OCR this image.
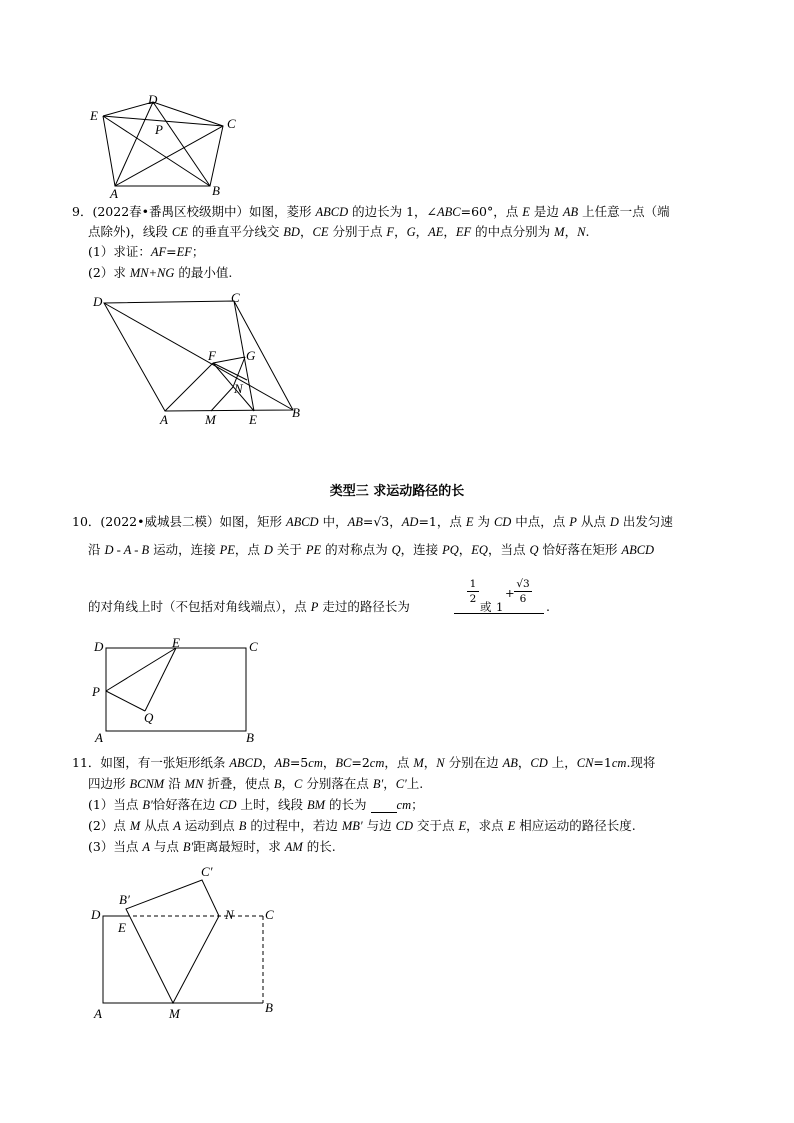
D
E
P	C
A	B
9．(2022春•番禺区校级期中）如图，菱形 ABCD 的边长为 1，∠ABC=60°，点 E 是边 AB 上任意一点（端
点除外)，线段 CE 的垂直平分线交 BD，CE 分别于点 F，G，AE，EF 的中点分别为 M，N.
(1）求证：AF=EF；
(2）求 MN+NG 的最小值.
D	C
F G
N
A	M	E	B
类型三 求运动路径的长
10．(2022•威城县二模）如图，矩形 ABCD 中，AB=√3，AD=1，点 E 为 CD 中点，点 P 从点 D 出发匀速
沿 D - A - B 运动，连接 PE，点 D 关于 PE 的对称点为 Q，连接 PQ，EQ，当点 Q 恰好落在矩形 ABCD
的对角线上时（不包括对角线端点），点 P 走过的路径长为	.
1
2
或 1
+
√3
6
D	E	C
P
Q
A	B
11．如图，有一张矩形纸条 ABCD，AB=5cm，BC=2cm，点 M，N 分别在边 AB，CD 上，CN=1cm.现将
四边形 BCNM 沿 MN 折叠，使点 B，C 分别落在点 B′，C′上.
(1）当点 B′恰好落在边 CD 上时，线段 BM 的长为 cm；
(2）点 M 从点 A 运动到点 B 的过程中，若边 MB′ 与边 CD 交于点 E，求点 E 相应运动的路径长度.
(3）当点 A 与点 B′距离最短时，求 AM 的长.
C′
B′
D	N C
E
A	M	B
